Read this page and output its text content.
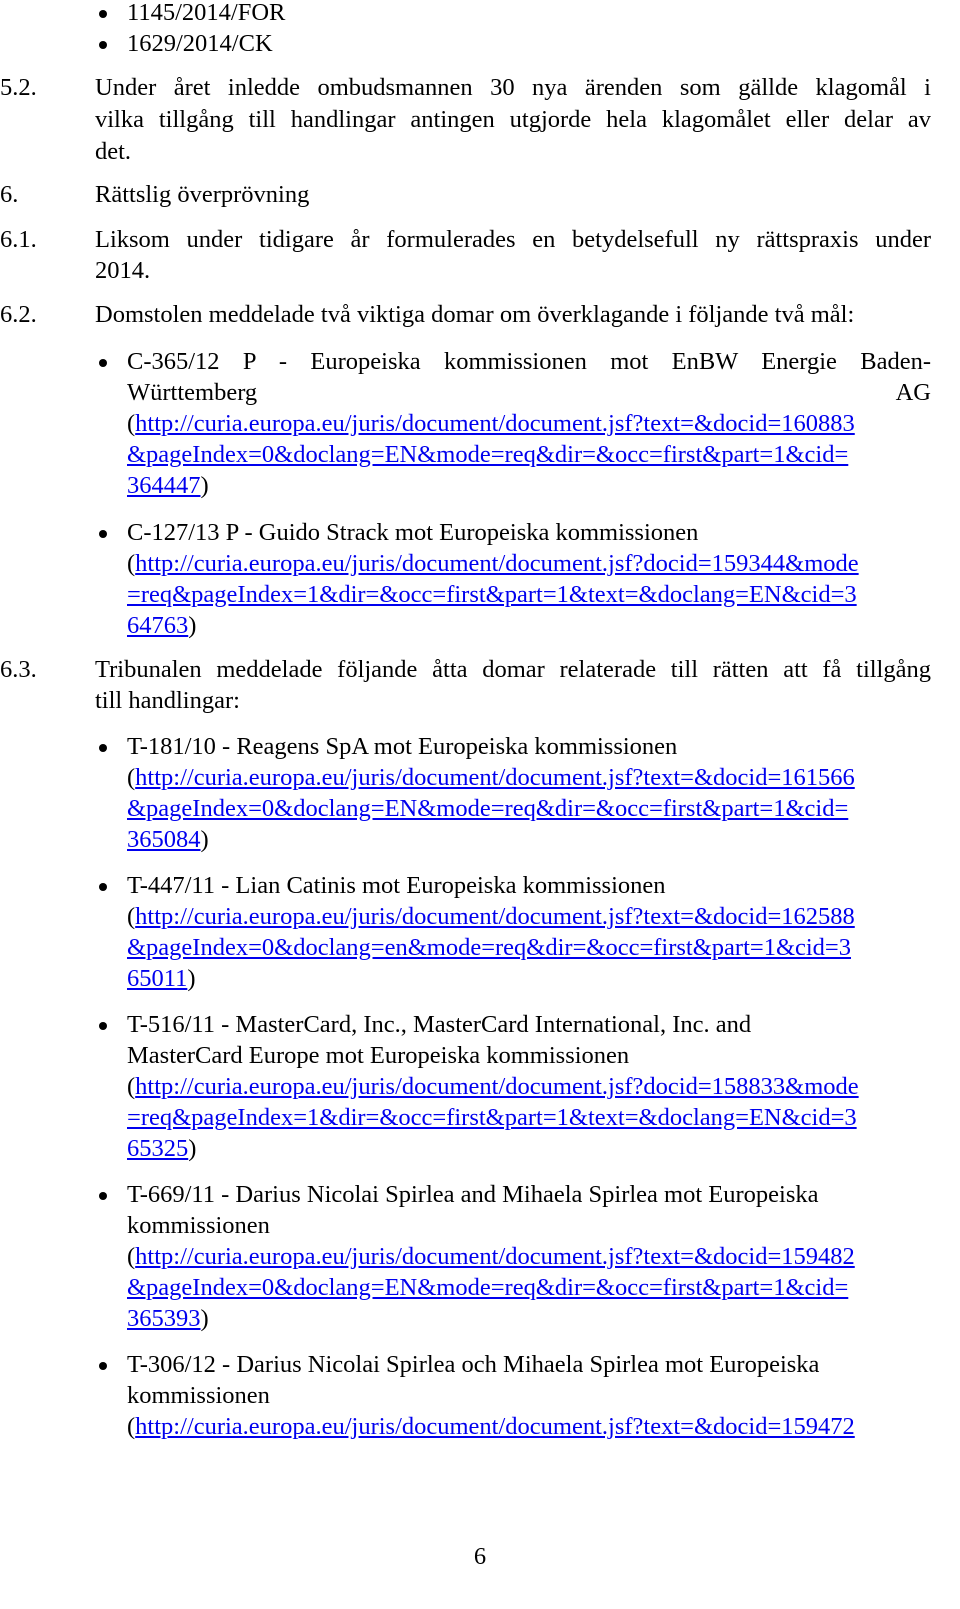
1145/2014/FOR
1629/2014/CK
5.2. Under året inledde ombudsmannen 30 nya ärenden som gällde klagomål i
vilka tillgång till handlingar antingen utgjorde hela klagomålet eller delar av
det.
6.	Rättslig överprövning
6.1. Liksom under tidigare år formulerades en betydelsefull ny rättspraxis under
2014.
6.2. Domstolen meddelade två viktiga domar om överklagande i följande två mål:
C-365/12 P - Europeiska kommissionen mot EnBW Energie Baden-
Württemberg AG
(http://curia.europa.eu/juris/document/document.jsf?text=&docid=160883
&pageIndex=0&doclang=EN&mode=req&dir=&occ=first&part=1&cid=
364447)
C-127/13 P - Guido Strack mot Europeiska kommissionen
(http://curia.europa.eu/juris/document/document.jsf?docid=159344&mode
=req&pageIndex=1&dir=&occ=first&part=1&text=&doclang=EN&cid=3
64763)
6.3. Tribunalen meddelade följande åtta domar relaterade till rätten att få tillgång
till handlingar:
T-181/10 - Reagens SpA mot Europeiska kommissionen
(http://curia.europa.eu/juris/document/document.jsf?text=&docid=161566
&pageIndex=0&doclang=EN&mode=req&dir=&occ=first&part=1&cid=
365084)
T-447/11 - Lian Catinis mot Europeiska kommissionen
(http://curia.europa.eu/juris/document/document.jsf?text=&docid=162588
&pageIndex=0&doclang=en&mode=req&dir=&occ=first&part=1&cid=3
65011)
T-516/11 - MasterCard, Inc., MasterCard International, Inc. and
MasterCard Europe mot Europeiska kommissionen
(http://curia.europa.eu/juris/document/document.jsf?docid=158833&mode
=req&pageIndex=1&dir=&occ=first&part=1&text=&doclang=EN&cid=3
65325)
T-669/11 - Darius Nicolai Spirlea and Mihaela Spirlea mot Europeiska
kommissionen
(http://curia.europa.eu/juris/document/document.jsf?text=&docid=159482
&pageIndex=0&doclang=EN&mode=req&dir=&occ=first&part=1&cid=
365393)
T-306/12 - Darius Nicolai Spirlea och Mihaela Spirlea mot Europeiska
kommissionen
(http://curia.europa.eu/juris/document/document.jsf?text=&docid=159472
6
